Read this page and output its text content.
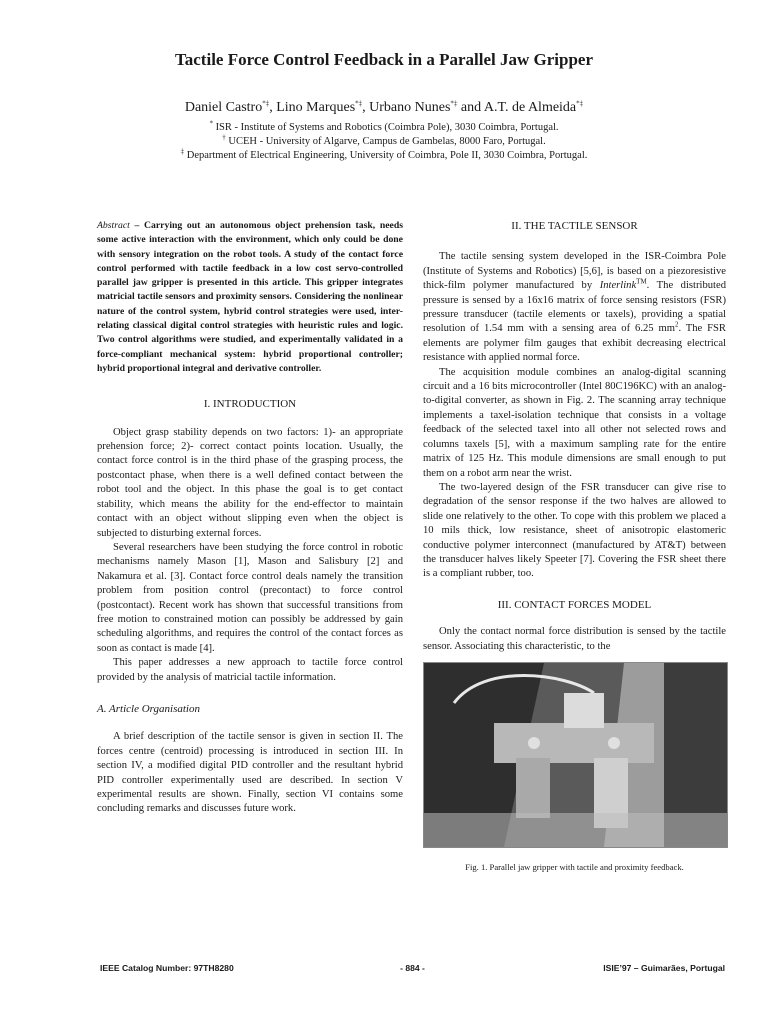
Tactile Force Control Feedback in a Parallel Jaw Gripper
Daniel Castro*‡, Lino Marques*‡, Urbano Nunes*‡ and A.T. de Almeida*‡
* ISR - Institute of Systems and Robotics (Coimbra Pole), 3030 Coimbra, Portugal.
† UCEH - University of Algarve, Campus de Gambelas, 8000 Faro, Portugal.
‡ Department of Electrical Engineering, University of Coimbra, Pole II, 3030 Coimbra, Portugal.

Abstract – Carrying out an autonomous object prehension task, needs some active interaction with the environment, which only could be done with sensory integration on the robot tools. A study of the contact force control performed with tactile feedback in a low cost servo-controlled parallel jaw gripper is presented in this article. This gripper integrates matricial tactile sensors and proximity sensors. Considering the nonlinear nature of the control system, hybrid control strategies were used, inter-relating classical digital control strategies with heuristic rules and logic. Two control algorithms were studied, and experimentally validated in a force-compliant mechanical system: hybrid proportional controller; hybrid proportional integral and derivative controller.

I. INTRODUCTION

Object grasp stability depends on two factors: 1)- an appropriate prehension force; 2)- correct contact points location. Usually, the contact force control is in the third phase of the grasping process, the postcontact phase, when there is a well defined contact between the robot tool and the object. In this phase the goal is to get contact stability, which means the ability for the end-effector to maintain contact with an object without slipping even when the object is subjected to disturbing external forces.

Several researchers have been studying the force control in robotic mechanisms namely Mason [1], Mason and Salisbury [2] and Nakamura et al. [3]. Contact force control deals namely the transition problem from position control (precontact) to force control (postcontact). Recent work has shown that successful transitions from free motion to constrained motion can possibly be addressed by gain scheduling algorithms, and requires the control of the contact forces as soon as contact is made [4].

This paper addresses a new approach to tactile force control provided by the analysis of matricial tactile information.

A. Article Organisation

A brief description of the tactile sensor is given in section II. The forces centre (centroid) processing is introduced in section III. In section IV, a modified digital PID controller and the resultant hybrid PID controller experimentally used are described. In section V experimental results are shown. Finally, section VI contains some concluding remarks and discusses future work.

II. THE TACTILE SENSOR

The tactile sensing system developed in the ISR-Coimbra Pole (Institute of Systems and Robotics) [5,6], is based on a piezoresistive thick-film polymer manufactured by Interlink™. The distributed pressure is sensed by a 16x16 matrix of force sensing resistors (FSR) pressure transducer (tactile elements or taxels), providing a spatial resolution of 1.54 mm with a sensing area of 6.25 $mm^2$. The FSR elements are polymer film gauges that exhibit decreasing electrical resistance with applied normal force.

The acquisition module combines an analog-digital scanning circuit and a 16 bits microcontroller (Intel 80C196KC) with an analog-to-digital converter, as shown in Fig. 2. The scanning array technique implements a taxel-isolation technique that consists in a voltage feedback of the selected taxel into all other not selected rows and columns taxels [5], with a maximum sampling rate for the entire matrix of 125 Hz. This module dimensions are small enough to put them on a robot arm near the wrist.

The two-layered design of the FSR transducer can give rise to degradation of the sensor response if the two halves are allowed to slide one relatively to the other. To cope with this problem we placed a 10 mils thick, low resistance, sheet of anisotropic elastomeric conductive polymer interconnect (manufactured by AT&T) between the transducer halves likely Speeter [7]. Covering the FSR sheet there is a compliant rubber, too.

III. CONTACT FORCES MODEL

Only the contact normal force distribution is sensed by the tactile sensor. Associating this characteristic, to the

Fig. 1. Parallel jaw gripper with tactile and proximity feedback.
IEEE Catalog Number: 97TH8280	- 884 -	ISIE’97 – Guimarães, Portugal
